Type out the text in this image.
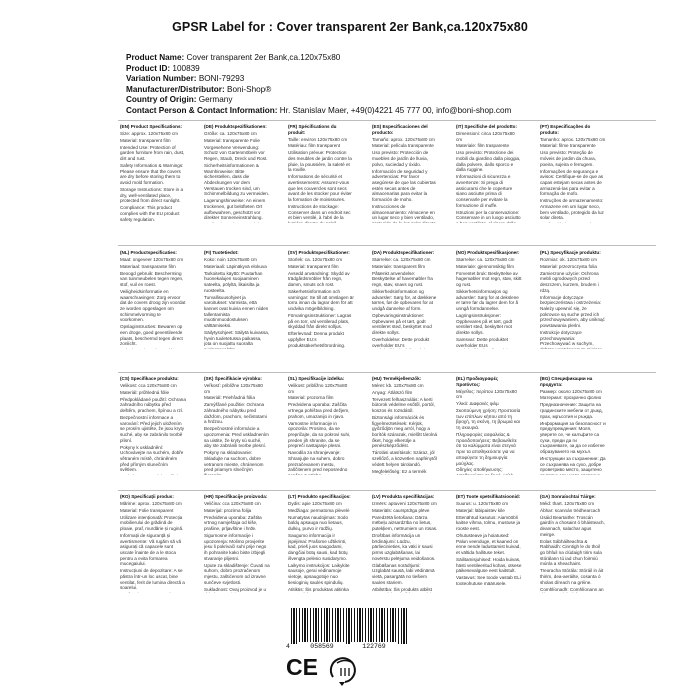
GPSR Label for : Cover transparent 2er Bank,ca.120x75x80
Product Name: Cover transparent 2er Bank,ca.120x75x80
Product ID: 100839
Variation Number: BONI-79293
Manufacturer/Distributor: Boni-Shop®
Country of Origin: Germany
Contact Person & Contact Information: Hr. Stanislav Maer, +49(0)4221 45 777 00, info@boni-shop.com

(EN) Product Specifications:

Size: approx. 120x75x80 cm

Material: transparent film

Intended Use: Protection of garden furniture from rain, dust, dirt and rust.

Safety Information & Warnings: Please ensure that the covers are dry before storing them to avoid mold formation.

Storage Instructions: Store in a dry, well-ventilated place, protected from direct sunlight.

Compliance: This product complies with the EU product safety regulation.

(NL) Productspecificaties:

Maat: ongeveer 120x75x80 cm

Materiaal: transparante film

Beoogd gebruik: Bescherming van tuinmeubelen tegen regen, stof, vuil en roest.

Veiligheidsinformatie en waarschuwingen: Zorg ervoor dat de covers droog zijn voordat ze worden opgeslagen om schimmelvorming te voorkomen.

Opslaginstructies: Bewaren op een droge, goed geventileerde plaats, beschermd tegen direct zonlicht.

(CS) Specifikace produktu:

Velikost: cca 120x75x80 cm

Materiál: průhledná fólie

Předpokládané použití: Ochrana zahradního nábytku před deštěm, prachem, špínou a rzí.

Bezpečnostní informace a varování: Před jejich uložením se prosím ujistěte, že jsou kryty suché, aby se zabránilo tvorbě plísní.

Pokyny k uskladnění: Uchovávejte na suchém, dobře větraném místě, chráněném před přímým slunečním světlem.

(RO) Specificații produs:

Mărime: aprox. 120x75x80 cm

Material: Folie transparent

Utilizare intenționată: Protecția mobilierului de grădină de ploaie, praf, murdărie și rugină.

Informații de siguranță și avertismente: Vă rugăm să vă asigurați că capacele sunt uscate înainte de a le stoca pentru a evita formarea mucegaiului.

Instrucțiuni de depozitare: A se păstra într-un loc uscat, bine ventilat, ferit de lumina directă a soarelui.

(DE) Produktspezifikationen:

Größe: ca. 120x75x80 cm

Material: transparente Folie

Vorgesehene Verwendung: Schutz von Gartenmöbeln vor Regen, Staub, Dreck und Rost.

Sicherheitsinformationen & Warnhinweise: Bitte sicherstellen, dass die Abdeckungen vor dem Verstauen trocken sind, um Schimmelbildung zu vermeiden.

Lagerungshinweise: An einem trockenen, gut belüfteten Ort aufbewahren, geschützt vor direkter Sonneneinstrahlung.

(FI) Tuotetiedot:

Koko: noin 120x75x80 cm

Materiaali: Läpinäkyvä elokuva

Tarkoitettu käyttö: Puutarhan huonekalujen suojaaminen sateelta, pölyltä, likaisilta ja ruosteelta.

Turvallisuusohjeet ja varoitukset: Varmista, että kannet ovat kuivia ennen niiden tallentamista muotinmuodostuksen välttämiseksi.

Säilytysohjeet: Säilytä kuivassa, hyvin tuuletetussa paikassa, jota on suojattu suoralta

(SK) Špecifikácie výrobku:

Veľkosť: približne 120x75x80 cm

Materiál: Priehľadná fólia

Zamýšľané použitie: Ochrana záhradného nábytku pred dažďom, prachom, nečistotami a hrdzou.

Bezpečnostné informácie a upozornenia: Pred uskladnením sa uistite, že kryty sú suché, aby ste zabránili tvorbe plesní.

Pokyny na skladovanie: Skladujte na suchom, dobre vetranom mieste, chránenom pred priamym slnečným

(HR) Specifikacije proizvoda:

Veličina: cca 120x75x80 cm

Materijal: prozirna folija

Predviđena uporaba: Zaštita vrtnog namještaja od kiše, prašine, prljavštine i hrđe.

Sigurnosne informacije i upozorenja: Molimo provjerite jesu li pokrivači suhi prije nego ih pohranite kako biste izbjegli stvaranje plijesni.

Upute za skladištenje: Čuvati na suhom, dobro prozračenom mjestu, zaštićenom od izravne sunčeve svjetlosti.

Sukladnost: Ovaj proizvod je u

(FR) Spécifications du produit:

Taille: environ 120x75x80 cm

Matériau: film transparent

Utilisation prévue: Protection des meubles de jardin contre la pluie, la poussière, la saleté et la rouille.

Informations de sécurité et avertissements: Assurez-vous que les couvercles sont secs avant de les stocker pour éviter la formation de moisissures.

Instructions de stockage: Conserver dans un endroit sec et bien ventilé, à l'abri de la

(SV) Produktspecifikationer:

Storlek: ca. 120x75x80 cm

Material: transparent film

Avsedd användning: Skydd av trädgårdsmöbler från regn, damm, smuts och rost.

Säkerhetsinformation och varningar: Se till att omslagen är torra innan du lagrar dem för att undvika mögelbildning.

Förvaringsinstruktioner: Lagras på en torr, väl ventilerad plats, skyddad från direkt solljus.

Efterlevnad: Denna produkt uppfyller EU:s produktsäkerhetsförordning.

(SL) Specifikacije izdelka:

Velikost: približno 120x75x80 cm

Material: prozorna film

Predvidena uporaba: Zaščita vrtnega pohištva pred dežjem, prahom, umazanijo in rjavo.

Varnostne informacije in opozorila: Prosimo, da se prepričajte, da so pokrovi suhi, preden jih shranite, da se prepreči nastajanje plesni.

Navodila za shranjevanje: Shranjujte na suhem, dobro prezračevanem mestu, zaščitenem pred neposredno

(LT) Produkto specifikacijos:

Dydis: apie 120x75x80 cm

Medžiaga: permatoma plėvelė

Numatytas naudojimas: Sodo baldų apsauga nuo lietaus, dulkių, purvo ir rūdžių.

Saugumo informacija ir įspėjimai: Prašome užtikrinti, kad, prieš juos saugodami, dangčiai būtų sausi, kad būtų išvengta pelėsio susidarymo.

Laikymo instrukcijos: Laikykite sausoje, gerai vėdinamoje vietoje, apsaugotoje nuo tiesioginių saulės spindulių.

Atitiktis: Šis produktas atitinka

(ES) Especificaciones del producto:

Tamaño: aprox. 120x75x80 cm

Material: película transparente

Uso previsto: Protección de muebles de jardín de lluvia, polvo, suciedad y óxido.

Información de seguridad y advertencias: Por favor asegúrese de que las cubiertas estén secas antes de almacenarlas para evitar la formación de moho.

Instrucciones de almacenamiento: Almacene en un lugar seco y bien ventilado,

(DA) Produktspecifikationer:

Størrelse: ca. 120x75x80 cm

Materiale: transparent film

Påtænkt anvendelse: Beskyttelse af havemøbler fra regn, støv, snavs og rust.

Sikkerhedsinformation og advarsler: Sørg for, at dækkene tørres, før de opbevares for at undgå dannelse af form.

Opbevaringsinstruktioner: Opbevares på et tørt, godt ventileret sted, beskyttet mod direkte sollys.

Overholdelse: Dette produkt overholder EU's

(HU) Termékjellemzők:

Méret: kb. 120x75x80 cm

Anyag: Átlátszó film

Tervezett felhasználás: A kerti bútorok védelme esőtől, portól, koszos és rozsdától.

Biztonsági információk és figyelmeztetések: Kérjük, győződjön meg arról, hogy a borítók szárazak, mielőtt tárolná őket, hogy elkerülje a penészképződést.

Tárolási utasítások: Száraz, jól szellőző, a közvetlen napfénytől védett helyen tárolandó.

Megfelelőség: Ez a termék

(LV) Produkta specifikācijas:

Izmērs: aptuveni 120x75x80 cm

Materiāls: caurspīdīga plēve

Paredzētā lietošana: Dārza mēbeļu aizsardzība no lietus, putekļiem, netīrumiem un rūsas.

Drošības informācija un brīdinājumi: Lūdzu, pārliecinieties, ka vāki ir sausi pirms uzglabāšanas, lai novērstu pelējuma veidošanos.

Glabāšanas norādījumi: Uzglabāt sausā, labi vēdināmā vietā, pasargātā no tiešiem saules stariem.

Atbilstība: Šis produkts atbilst

(IT) Specifiche del prodotto:

Dimensioni: circa 120x75x80 cm

Materiale: film trasparente

Uso previsto: Protezione dei mobili da giardino dalla pioggia, dalla polvere, dallo sporco e dalla ruggine.

Informazioni di sicurezza e avvertenze: Si prega di assicurarsi che le coperture siano asciutte prima di conservarle per evitare la formazione di muffe.

Istruzioni per la conservazione: Conservare in un luogo asciutto

(NO) Produktspesifikasjoner:

Størrelse: ca. 120x75x80 cm

Materiale: gjennomsiktig film

Forventet bruk: Beskyttelse av hagemøbler mot regn, støv, skitt og rust.

Sikkerhetsinformasjon og advarsler: Sørg for at dekslene er tørre før du lagrer dem for å unngå formdannelse.

Lagringsinstruksjoner: Oppbevares på et tørt, godt ventilert sted, beskyttet mot direkte sollys.

Samsvar: Dette produktet overholder EUs

(EL) Προδιαγραφές προϊόντος:

Μέγεθος: περίπου 120x75x80 cm

Υλικό: Διαφανές φιλμ

Σκοπούμενη χρήση: Προστασία των επίπλων κήπου από τη βροχή, τη σκόνη, τη βρωμιά και τη σκουριά.

Πληροφορίες ασφαλείας & προειδοποιήσεις: Βεβαιωθείτε ότι τα καλύμματα είναι στεγνά πριν τα αποθηκεύσετε για να αποφύγετε τη δημιουργία μούχλας.

Οδηγίες αποθήκευσης:

(ET) Toote spetsifikatsioonid:

Suurus: u. 120x75x80 cm

Materjal: läbipaistev kile

Ettenähtud kasutus: Aiamööbli kaitse vihma, tolmu, mustuse ja rooste eest.

Ohutusteave ja hoiatused: Palun veenduge, et kaaned on enne nende ladustamist kuivad, et vältida hallituse teket.

Säilitamisjuhised: Hoida kuivas, hästi ventileeritud kohas, otsese päikesevalguse eest kaitstult.

Vastavus: See toode vastab ELi tooteohutuse määrusele.

(PT) Especificações do produto:

Tamanho: aprox. 120x75x80 cm

Material: filme transparente

Uso previsto: Proteção de móveis de jardim da chuva, poeira, sujeira e ferrugem.

Informações de segurança e avisos: Certifique-se de que as capas estejam secas antes de armazená-las para evitar a formação de mofo.

Instruções de armazenamento: Armazene em um lugar seco, bem ventilado, protegido da luz solar direta.

(PL) Specyfikacje produktu:

Rozmiar: ok. 120x75x80 cm

Materiał: przezroczysta folia

Zamierzone użycie: Ochrona mebli ogrodowych przed deszczem, kurzem, brudem i rdzą.

Informacje dotyczące bezpieczeństwa i ostrzeżenia: Należy upewnić się, że pokrowce są suche przed ich przechowywaniem, aby uniknąć powstawania pleśni.

Instrukcje dotyczące przechowywania: Przechowywać w suchym,

(BG) Спецификации на продукта:

Размер: около 120x75x80 cm

Материал: прозрачно фолио

Предназначение: Защита на градинските мебели от дъжд, прах, мръсотия и ръжда.

Информация за безопасност и предупреждения: Моля, уверете се, че калъфите са сухи, преди да ги съхранявате, за да се избегне образуването на мухъл.

Инструкции за съхранение: Да се съхранява на сухо, добре проветриво място, защитено

(GA) Sonraíochtaí Táirge:

Méid: thart. 120x75x80 cm

Ábhar: scannán trédhearcach

Úsáid Beartaithe: Troscán gairdín a chosaint ó bháisteach, deannach, salachar agus meirge.

Eolas Sábháilteachta & Rabhaidh: Cinntigh le do thoil go bhfuil na clúdaigh tirim sula stórálann tú iad chun foirmiú múnla a sheachaint.

Treoracha Stórála: Stóráil in áit thirim, dea-aeráilte, cosanta ó sholas díreach na gréine.

Comhlíonadh: Comhlíonann an

4	058569	122769
CE
